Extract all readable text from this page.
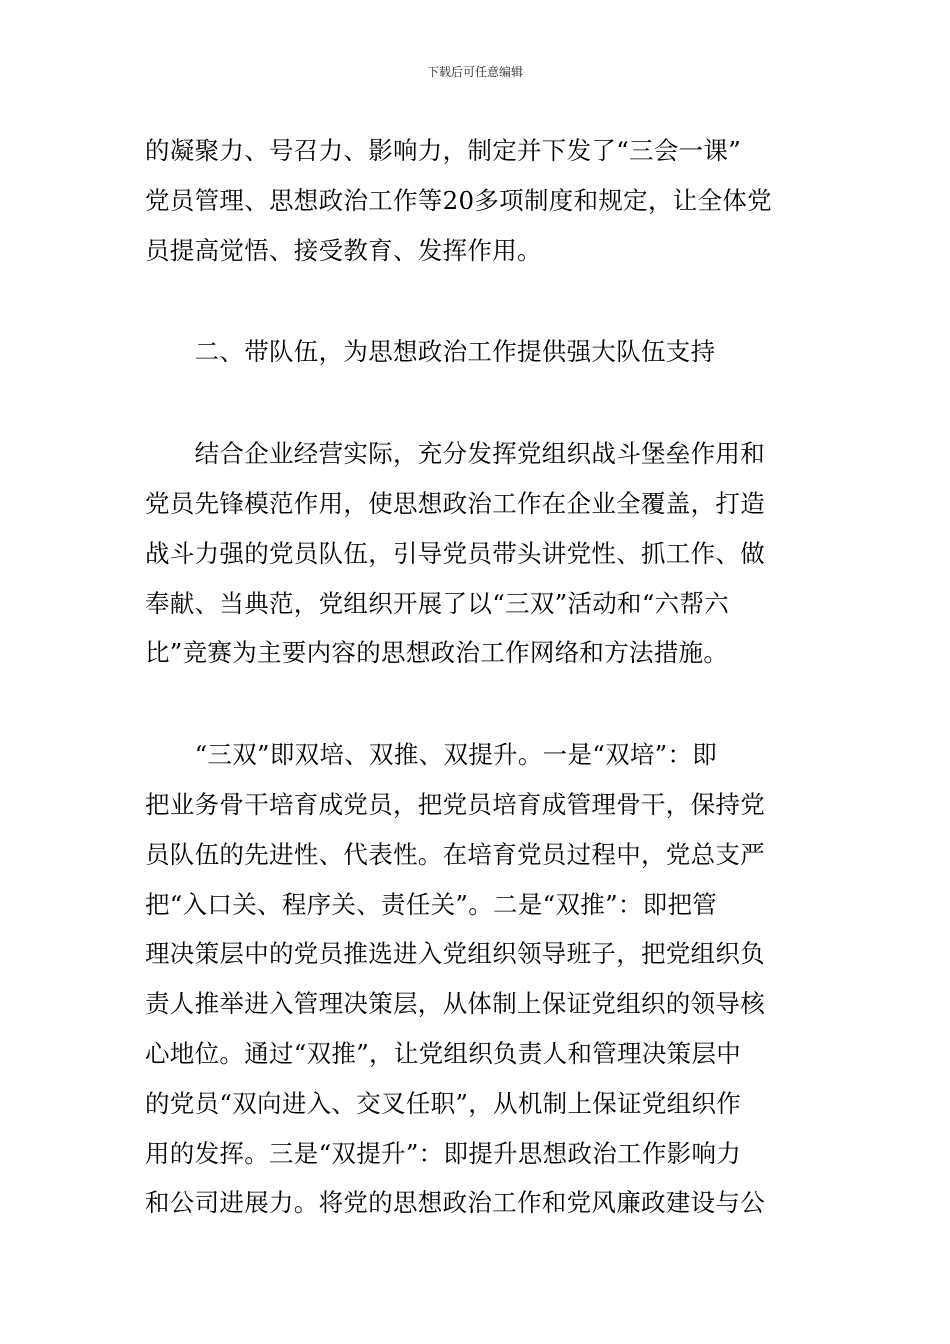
下载后可任意编辑

的凝聚力、号召力、影响力，制定并下发了“三会一课”
党员管理、思想政治工作等20多项制度和规定，让全体党
员提高觉悟、接受教育、发挥作用。

　　二、带队伍，为思想政治工作提供强大队伍支持

　　结合企业经营实际，充分发挥党组织战斗堡垒作用和
党员先锋模范作用，使思想政治工作在企业全覆盖，打造
战斗力强的党员队伍，引导党员带头讲党性、抓工作、做
奉献、当典范，党组织开展了以“三双”活动和“六帮六
比”竞赛为主要内容的思想政治工作网络和方法措施。

　　“三双”即双培、双推、双提升。一是“双培”：即
把业务骨干培育成党员，把党员培育成管理骨干，保持党
员队伍的先进性、代表性。在培育党员过程中，党总支严
把“入口关、程序关、责任关”。二是“双推”：即把管
理决策层中的党员推选进入党组织领导班子，把党组织负
责人推举进入管理决策层，从体制上保证党组织的领导核
心地位。通过“双推”，让党组织负责人和管理决策层中
的党员“双向进入、交叉任职”，从机制上保证党组织作
用的发挥。三是“双提升”：即提升思想政治工作影响力
和公司进展力。将党的思想政治工作和党风廉政建设与公
